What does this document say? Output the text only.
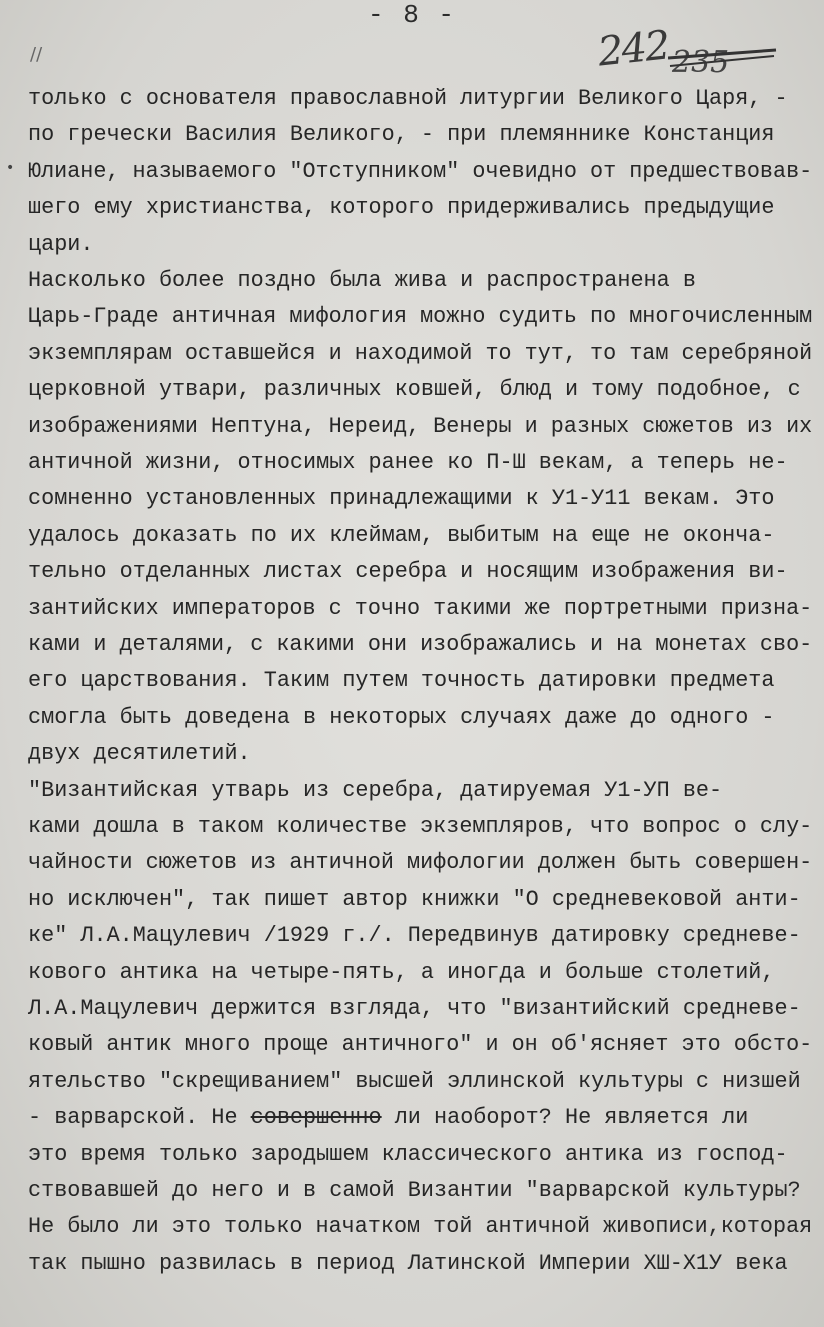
- 8 -
242 235
//
•
только с основателя православной литургии Великого Царя, -
по гречески Василия Великого, - при племяннике Констанция
Юлиане, называемого "Отступником" очевидно от предшествовав-
шего ему христианства, которого придерживались предыдущие
цари.
Насколько более поздно была жива и распространена в
Царь-Граде античная мифология можно судить по многочисленным
экземплярам оставшейся и находимой то тут, то там серебряной
церковной утвари, различных ковшей, блюд и тому подобное, с
изображениями Нептуна, Нереид, Венеры и разных сюжетов из их
античной жизни, относимых ранее ко П-Ш векам, а теперь не-
сомненно установленных принадлежащими к У1-У11 векам. Это
удалось доказать по их клеймам, выбитым на еще не оконча-
тельно отделанных листах серебра и носящим изображения ви-
зантийских императоров с точно такими же портретными призна-
ками и деталями, с какими они изображались и на монетах сво-
его царствования. Таким путем точность датировки предмета
смогла быть доведена в некоторых случаях даже до одного -
двух десятилетий.
"Византийская утварь из серебра, датируемая У1-УП ве-
ками дошла в таком количестве экземпляров, что вопрос о слу-
чайности сюжетов из античной мифологии должен быть совершен-
но исключен", так пишет автор книжки "О средневековой анти-
ке" Л.А.Мацулевич /1929 г./. Передвинув датировку средневе-
кового антика на четыре-пять, а иногда и больше столетий,
Л.А.Мацулевич держится взгляда, что "византийский средневе-
ковый антик много проще античного" и он об'ясняет это обсто-
ятельство "скрещиванием" высшей эллинской культуры с низшей
- варварской. Не совершенно ли наоборот? Не является ли
это время только зародышем классического антика из господ-
ствовавшей до него и в самой Византии "варварской культуры?
Не было ли это только начатком той античной живописи,которая
так пышно развилась в период Латинской Империи ХШ-Х1У века
